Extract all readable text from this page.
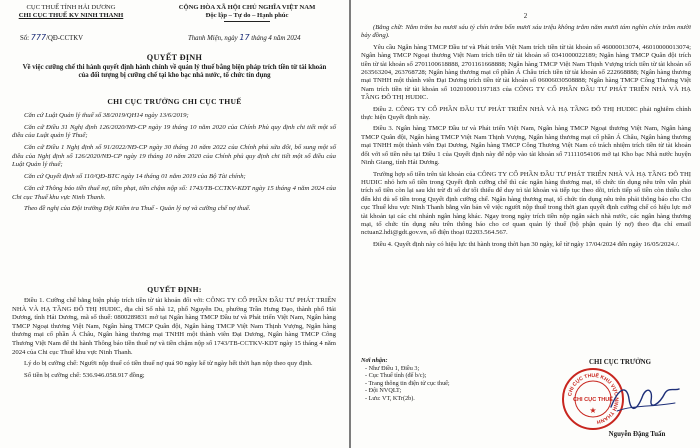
CỤC THUẾ TỈNH HẢI DƯƠNG
CHI CỤC THUẾ KV NINH THANH
CỘNG HÒA XÃ HỘI CHỦ NGHĨA VIỆT NAM
Độc lập – Tự do – Hạnh phúc
Số: 777/QĐ-CCTKV	Thanh Miện, ngày 17 tháng 4 năm 2024
QUYẾT ĐỊNH
Về việc cưỡng chế thi hành quyết định hành chính về quản lý thuế bằng biện pháp trích tiền từ tài khoản của đối tượng bị cưỡng chế tại kho bạc nhà nước, tổ chức tín dụng
CHI CỤC TRƯỞNG CHI CỤC THUẾ

Căn cứ Luật Quản lý thuế số 38/2019/QH14 ngày 13/6/2019;

Căn cứ Điều 31 Nghị định 126/2020/NĐ-CP ngày 19 tháng 10 năm 2020 của Chính Phủ quy định chi tiết một số điều của Luật quản lý Thuế;

Căn cứ Điều 1 Nghị định số 91/2022/NĐ-CP ngày 30 tháng 10 năm 2022 của Chính phủ sửa đổi, bổ sung một số điều của Nghị định số 126/2020/NĐ-CP ngày 19 tháng 10 năm 2020 của Chính phủ quy định chi tiết một số điều của Luật Quản lý thuế;

Căn cứ Quyết định số 110/QĐ-BTC ngày 14 tháng 01 năm 2019 của Bộ Tài chính;

Căn cứ Thông báo tiền thuế nợ, tiền phạt, tiền chậm nộp số: 1743/TB-CCTKV-KDT ngày 15 tháng 4 năm 2024 của Chi cục Thuế khu vực Ninh Thanh.

Theo đề nghị của Đội trưởng Đội Kiểm tra Thuế - Quản lý nợ và cưỡng chế nợ thuế.

QUYẾT ĐỊNH:

Điều 1. Cưỡng chế bằng biện pháp trích tiền từ tài khoản đối với: CÔNG TY CỔ PHẦN ĐẦU TƯ PHÁT TRIỂN NHÀ VÀ HẠ TẦNG ĐÔ THỊ HUDIC, địa chỉ Số nhà 12, phố Nguyễn Du, phường Trần Hưng Đạo, thành phố Hải Dương, tỉnh Hải Dương, mã số thuế: 0800289831 mở tại Ngân hàng TMCP Đầu tư và Phát triển Việt Nam, Ngân hàng TMCP Ngoại thương Việt Nam, Ngân hàng TMCP Quân đội, Ngân hàng TMCP Việt Nam Thịnh Vượng, Ngân hàng thương mại cổ phần Á Châu, Ngân hàng thương mại TNHH một thành viên Đại Dương, Ngân hàng TMCP Công Thương Việt Nam để thi hành Thông báo tiền thuế nợ và tiền chậm nộp số 1743/TB-CCTKV-KDT ngày 15 tháng 4 năm 2024 của Chi cục Thuế khu vực Ninh Thanh.

Lý do bị cưỡng chế: Người nộp thuế có tiền thuế nợ quá 90 ngày kể từ ngày hết thời hạn nộp theo quy định.

Số tiền bị cưỡng chế: 536.946.058.917 đồng;

2

(Bằng chữ: Năm trăm ba mươi sáu tỷ chín trăm bốn mươi sáu triệu không trăm năm mươi tám nghìn chín trăm mười bảy đồng).

Yêu cầu Ngân hàng TMCP Đầu tư và Phát triển Việt Nam trích tiền từ tài khoản số 46000013074, 46010000013074; Ngân hàng TMCP Ngoại thương Việt Nam trích tiền từ tài khoản số 0341000022189; Ngân hàng TMCP Quân đội trích tiền từ tài khoản số 2701100618888, 2701161668888; Ngân hàng TMCP Việt Nam Thịnh Vượng trích tiền từ tài khoản số 263563204, 263768728; Ngân hàng thương mại cổ phần Á Châu trích tiền từ tài khoản số 222668888; Ngân hàng thương mại TNHH một thành viên Đại Dương trích tiền từ tài khoản số 06006030508888; Ngân hàng TMCP Công Thương Việt Nam trích tiền từ tài khoản số 102010001197183 của CÔNG TY CỔ PHẦN ĐẦU TƯ PHÁT TRIỂN NHÀ VÀ HẠ TẦNG ĐÔ THỊ HUDIC.

Điều 2. CÔNG TY CỔ PHẦN ĐẦU TƯ PHÁT TRIỂN NHÀ VÀ HẠ TẦNG ĐÔ THỊ HUDIC phải nghiêm chỉnh thực hiện Quyết định này.

Điều 3. Ngân hàng TMCP Đầu tư và Phát triển Việt Nam, Ngân hàng TMCP Ngoại thương Việt Nam, Ngân hàng TMCP Quân đội, Ngân hàng TMCP Việt Nam Thịnh Vượng, Ngân hàng thương mại cổ phần Á Châu, Ngân hàng thương mại TNHH một thành viên Đại Dương, Ngân hàng TMCP Công Thương Việt Nam có trách nhiệm trích tiền từ tài khoản đối với số tiền nêu tại Điều 1 của Quyết định này để nộp vào tài khoản số 7111105410​6 mở tại Kho bạc Nhà nước huyện Ninh Giang, tỉnh Hải Dương.

Trường hợp số tiền trên tài khoản của CÔNG TY CỔ PHẦN ĐẦU TƯ PHÁT TRIỂN NHÀ VÀ HẠ TẦNG ĐÔ THỊ HUDIC nhỏ hơn số tiền trong Quyết định cưỡng chế thì các ngân hàng thương mại, tổ chức tín dụng nêu trên vẫn phải trích số tiền còn lại sau khi trừ đi số dư tối thiểu để duy trì tài khoản và tiếp tục theo dõi, trích tiếp số tiền còn thiếu cho đến khi đủ số tiền trong Quyết định cưỡng chế. Ngân hàng thương mại, tổ chức tín dụng nêu trên phải thông báo cho Chi cục Thuế khu vực Ninh Thanh bằng văn bản về việc người nộp thuế trong thời gian quyết định cưỡng chế có hiệu lực mở tài khoản tại các chi nhánh ngân hàng khác. Ngay trong ngày trích tiền nộp ngân sách nhà nước, các ngân hàng thương mại, tổ chức tín dụng nêu trên thông báo cho cơ quan quản lý thuế (bộ phận quản lý nợ) theo địa chỉ email nctuan2.hdi@gdt.gov.vn, số điện thoại 02203.564.567.

Điều 4. Quyết định này có hiệu lực thi hành trong thời hạn 30 ngày, kể từ ngày 17/04/2024 đến ngày 16/05/2024./.

Nơi nhận:
- Như Điều 1, Điều 3;
- Cục Thuế tỉnh (để b/c);
- Trang thông tin điện tử cục thuế;
- Đội NVQLT;
- Lưu: VT, KTr(2b).
CHI CỤC TRƯỞNG
CHI CỤC THUẾ KHU VỰC NINH THANH
CHI CỤC THUẾ
★
Nguyễn Đặng Tuấn
